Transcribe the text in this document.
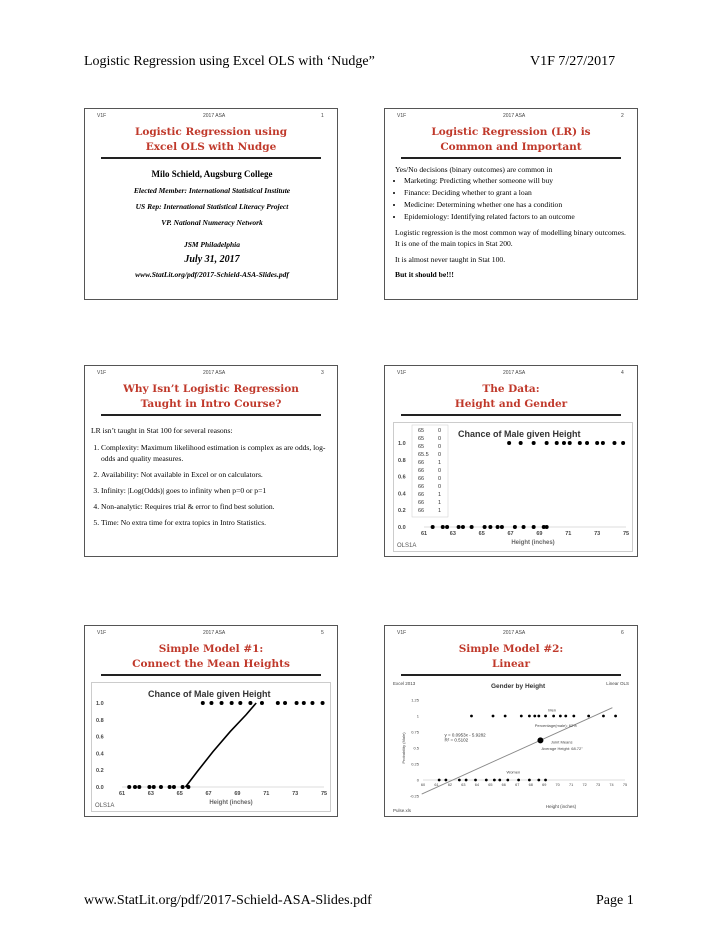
Logistic Regression using Excel OLS with ‘Nudge”	V1F 7/27/2017
V1F	2017 ASA	1
Logistic Regression using
Excel OLS with Nudge
Milo Schield, Augsburg College
Elected Member: International Statistical Institute
US Rep: International Statistical Literacy Project
VP. National Numeracy Network
JSM Philadelphia
July 31, 2017
www.StatLit.org/pdf/2017-Schield-ASA-Slides.pdf
V1F	2017 ASA	2
Logistic Regression (LR) is
Common and Important
Yes/No decisions (binary outcomes) are common in
• Marketing: Predicting whether someone will buy
• Finance: Deciding whether to grant a loan
• Medicine: Determining whether one has a condition
• Epidemiology: Identifying related factors to an outcome
Logistic regression is the most common way of modelling binary outcomes. It is one of the main topics in Stat 200.
It is almost never taught in Stat 100.
But it should be!!!
V1F	2017 ASA	3
Why Isn’t Logistic Regression
Taught in Intro Course?
LR isn’t taught in Stat 100 for several reasons:
1. Complexity: Maximum likelihood estimation is complex as are odds, log-odds and quality measures.
2. Availability: Not available in Excel or on calculators.
3. Infinity: |Log(Odds)| goes to infinity when p=0 or p=1
4. Non-analytic: Requires trial & error to find best solution.
5. Time: No extra time for extra topics in Intro Statistics.
V1F	2017 ASA	4
The Data:
Height and Gender
Chance of Male given Height
0.0
0.2
0.4
0.6
0.8
1.0
61	63	65	67	69	71	73	75
Height (inches)
OLS1A
65	0
65	0
65	0
65.5 0
66	1
66	0
66	0
66	0
66	1
66	1
66	1
V1F	2017 ASA	5
Simple Model #1:
Connect the Mean Heights
Chance of Male given Height
0.0
0.2
0.4
0.6
0.8
1.0
61	63	65	67	69	71	73	75
Height (inches)
OLS1A
V1F	2017 ASA	6
Simple Model #2:
Linear
Excel 2013	Linear OLS
Gender by Height
-0.25
0
0.25
0.5
0.75
1
1.25
60 61 62 63 64 65 66 67 68 69 70 71 72 73 74 75
Probability (Male)
Height (inches)
Pulse.xls
Men
Women
Percentage(male): 62%
y = 0.0953x - 5.9282
R² = 0.5102	Joint Means
Average Height: 68.72"
www.StatLit.org/pdf/2017-Schield-ASA-Slides.pdf	Page 1
